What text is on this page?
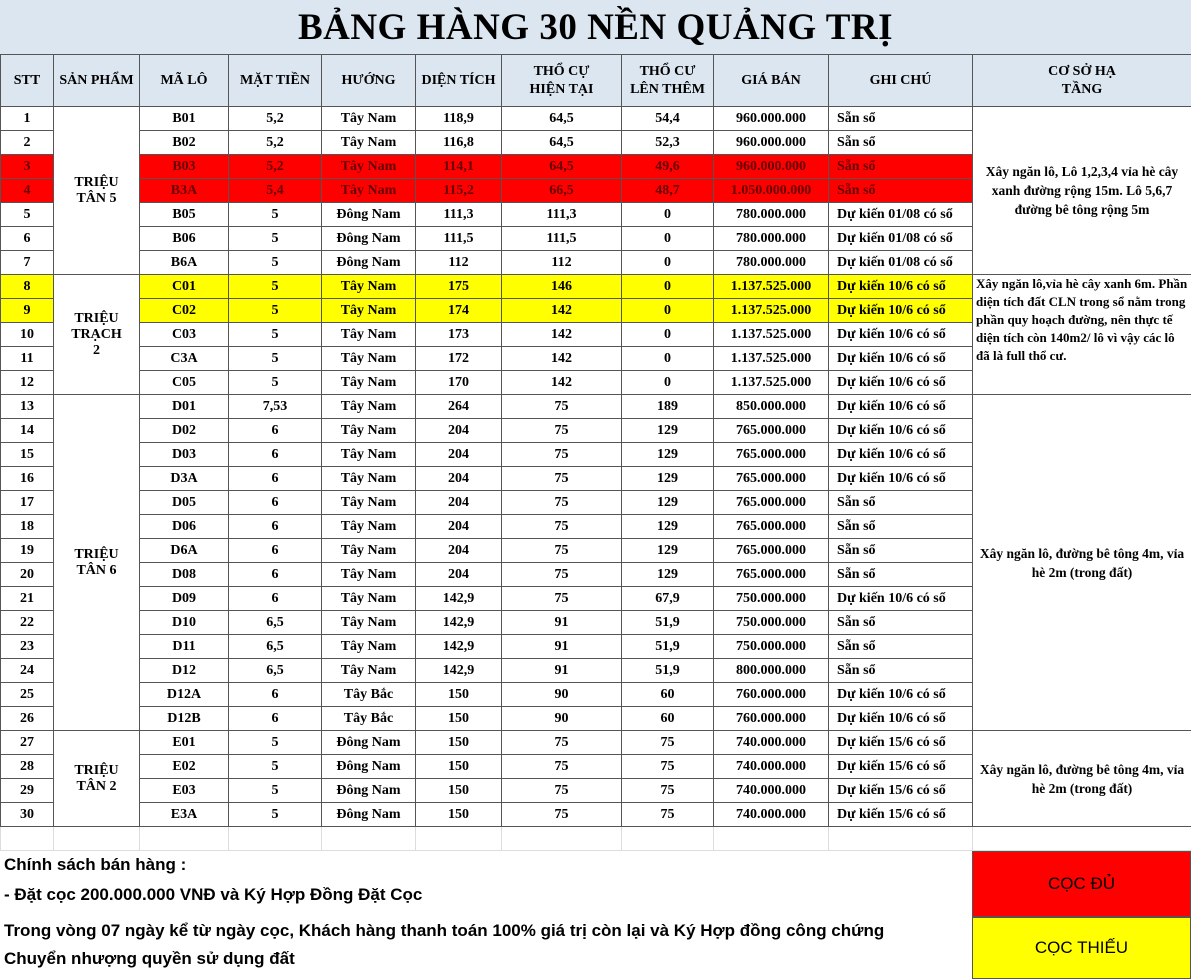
BẢNG HÀNG 30 NỀN QUẢNG TRỊ
STT	SẢN PHẨM	MÃ LÔ	MẶT TIỀN	HƯỚNG	DIỆN TÍCH	THỔ CỰ HIỆN TẠI	THỔ CƯ LÊN THÊM	GIÁ BÁN	GHI CHÚ	CƠ SỞ HẠ TẦNG
1	TRIỆU TÂN 5	B01	5,2	Tây Nam	118,9	64,5	54,4	960.000.000	Sẵn sổ	Xây ngăn lô, Lô 1,2,3,4 vỉa hè cây xanh đường rộng 15m. Lô 5,6,7 đường bê tông rộng 5m
2		B02	5,2	Tây Nam	116,8	64,5	52,3	960.000.000	Sẵn sổ	
3		B03	5,2	Tây Nam	114,1	64,5	49,6	960.000.000	Sẵn sổ	
4		B3A	5,4	Tây Nam	115,2	66,5	48,7	1.050.000.000	Sẵn sổ	
5		B05	5	Đông Nam	111,3	111,3	0	780.000.000	Dự kiến 01/08 có sổ	
6		B06	5	Đông Nam	111,5	111,5	0	780.000.000	Dự kiến 01/08 có sổ	
7		B6A	5	Đông Nam	112	112	0	780.000.000	Dự kiến 01/08 có sổ	
8	TRIỆU TRẠCH 2	C01	5	Tây Nam	175	146	0	1.137.525.000	Dự kiến 10/6 có sổ	Xây ngăn lô,vỉa hè cây xanh 6m. Phần diện tích đất CLN trong sổ nằm trong phần quy hoạch đường, nên thực tế diện tích còn 140m2/ lô vì vậy các lô đã là full thổ cư.
9		C02	5	Tây Nam	174	142	0	1.137.525.000	Dự kiến 10/6 có sổ	
10		C03	5	Tây Nam	173	142	0	1.137.525.000	Dự kiến 10/6 có sổ	
11		C3A	5	Tây Nam	172	142	0	1.137.525.000	Dự kiến 10/6 có sổ	
12		C05	5	Tây Nam	170	142	0	1.137.525.000	Dự kiến 10/6 có sổ	
13	TRIỆU TÂN 6	D01	7,53	Tây Nam	264	75	189	850.000.000	Dự kiến 10/6 có sổ	Xây ngăn lô, đường bê tông 4m, vỉa hè 2m (trong đất)
14		D02	6	Tây Nam	204	75	129	765.000.000	Dự kiến 10/6 có sổ	
15		D03	6	Tây Nam	204	75	129	765.000.000	Dự kiến 10/6 có sổ	
16		D3A	6	Tây Nam	204	75	129	765.000.000	Dự kiến 10/6 có sổ	
17		D05	6	Tây Nam	204	75	129	765.000.000	Sẵn sổ	
18		D06	6	Tây Nam	204	75	129	765.000.000	Sẵn sổ	
19		D6A	6	Tây Nam	204	75	129	765.000.000	Sẵn sổ	
20		D08	6	Tây Nam	204	75	129	765.000.000	Sẵn sổ	
21		D09	6	Tây Nam	142,9	75	67,9	750.000.000	Dự kiến 10/6 có sổ	
22		D10	6,5	Tây Nam	142,9	91	51,9	750.000.000	Sẵn sổ	
23		D11	6,5	Tây Nam	142,9	91	51,9	750.000.000	Sẵn sổ	
24		D12	6,5	Tây Nam	142,9	91	51,9	800.000.000	Sẵn sổ	
25		D12A	6	Tây Bắc	150	90	60	760.000.000	Dự kiến 10/6 có sổ	
26		D12B	6	Tây Bắc	150	90	60	760.000.000	Dự kiến 10/6 có sổ	
27	TRIỆU TÂN 2	E01	5	Đông Nam	150	75	75	740.000.000	Dự kiến 15/6 có sổ	Xây ngăn lô, đường bê tông 4m, vỉa hè 2m (trong đất)
28		E02	5	Đông Nam	150	75	75	740.000.000	Dự kiến 15/6 có sổ	
29		E03	5	Đông Nam	150	75	75	740.000.000	Dự kiến 15/6 có sổ	
30		E3A	5	Đông Nam	150	75	75	740.000.000	Dự kiến 15/6 có sổ	

Chính sách bán hàng :
- Đặt cọc 200.000.000 VNĐ và Ký Hợp Đồng Đặt Cọc
Trong vòng 07 ngày kể từ ngày cọc, Khách hàng thanh toán 100% giá trị còn lại và Ký Hợp đồng công chứng
Chuyển nhượng quyền sử dụng đất
CỌC ĐỦ
CỌC THIẾU
